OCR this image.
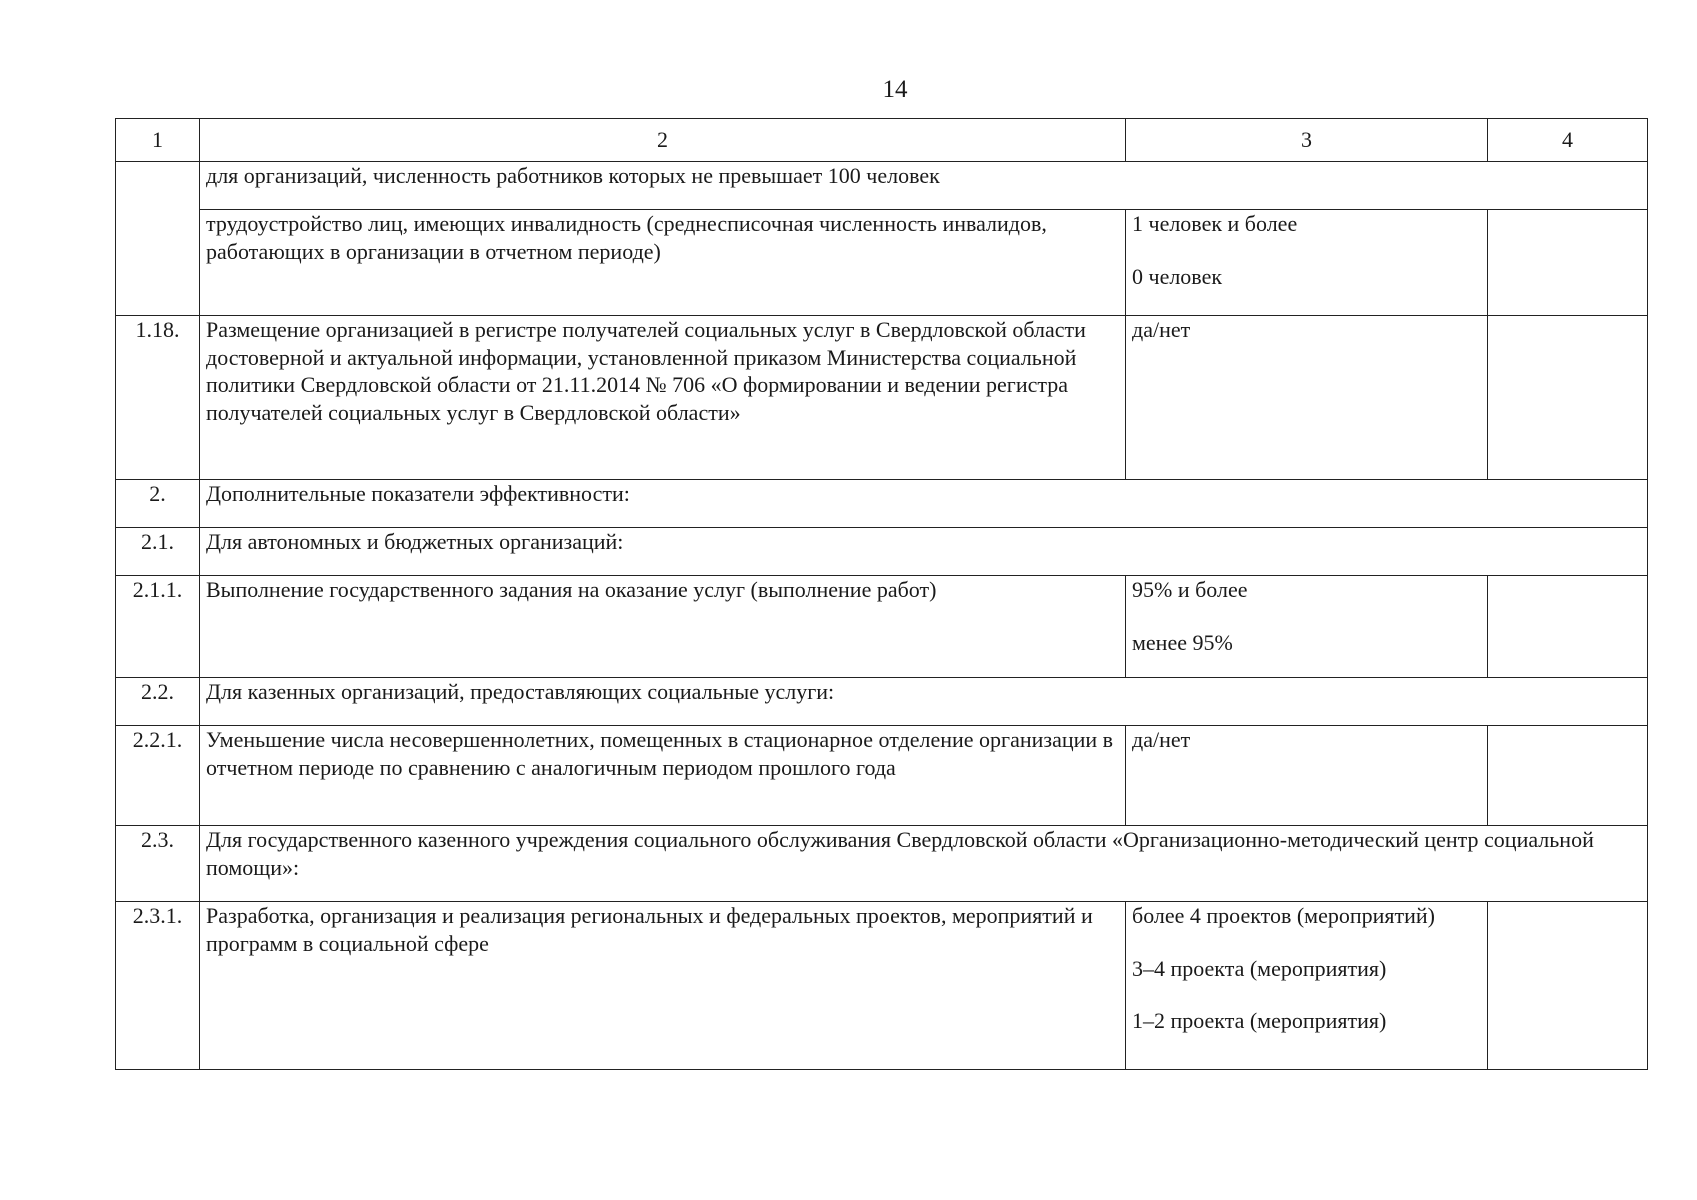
14
1	2	3	4
	для организаций, численность работников которых не превышает 100 человек		
	трудоустройство лиц, имеющих инвалидность (среднесписочная численность инвалидов, работающих в организации в отчетном периоде)	1 человек и более
0 человек	

1.18.	Размещение организацией в регистре получателей социальных услуг в Свердловской области достоверной и актуальной информации, установленной приказом Министерства социальной политики Свердловской области от 21.11.2014 № 706 «О формировании и ведении регистра получателей социальных услуг в Свердловской области»	да/нет	

2.	Дополнительные показатели эффективности:		
2.1.	Для автономных и бюджетных организаций:		
2.1.1.	Выполнение государственного задания на оказание услуг (выполнение работ)	95% и более
менее 95%	

2.2.	Для казенных организаций, предоставляющих социальные услуги:		
2.2.1.	Уменьшение числа несовершеннолетних, помещенных в стационарное отделение организации в отчетном периоде по сравнению с аналогичным периодом прошлого года	да/нет	

2.3.	Для государственного казенного учреждения социального обслуживания Свердловской области «Организационно-методический центр социальной помощи»:		
2.3.1.	Разработка, организация и реализация региональных и федеральных проектов, мероприятий и программ в социальной сфере	более 4 проектов (мероприятий)
3–4 проекта (мероприятия)
1–2 проекта (мероприятия)	
